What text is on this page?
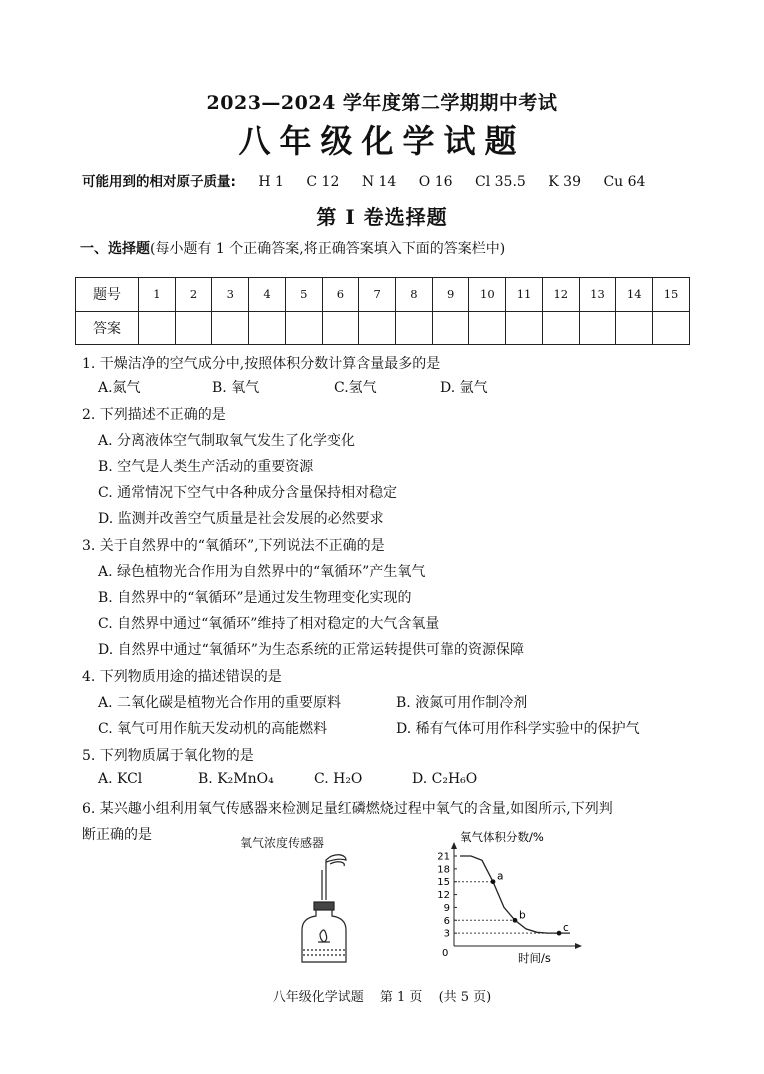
2023—2024 学年度第二学期期中考试
八年级化学试题
可能用到的相对原子质量: H 1 C 12 N 14 O 16 Cl 35.5 K 39 Cu 64
第 I 卷选择题
一、选择题(每小题有 1 个正确答案,将正确答案填入下面的答案栏中)
题号	1	2	3	4	5	6	7	8	9	10	11	12	13	14	15
答案															
1. 干燥洁净的空气成分中,按照体积分数计算含量最多的是
A.氮气	B. 氧气	C.氢气	D. 氩气
2. 下列描述不正确的是
A. 分离液体空气制取氧气发生了化学变化
B. 空气是人类生产活动的重要资源
C. 通常情况下空气中各种成分含量保持相对稳定
D. 监测并改善空气质量是社会发展的必然要求
3. 关于自然界中的“氧循环”,下列说法不正确的是
A. 绿色植物光合作用为自然界中的“氧循环”产生氧气
B. 自然界中的“氧循环”是通过发生物理变化实现的
C. 自然界中通过“氧循环”维持了相对稳定的大气含氧量
D. 自然界中通过“氧循环”为生态系统的正常运转提供可靠的资源保障
4. 下列物质用途的描述错误的是
A. 二氧化碳是植物光合作用的重要原料	B. 液氮可用作制冷剂
C. 氧气可用作航天发动机的高能燃料	D. 稀有气体可用作科学实验中的保护气
5. 下列物质属于氧化物的是
A. KCl	B. K₂MnO₄	C. H₂O	D. C₂H₆O
6. 某兴趣小组利用氧气传感器来检测足量红磷燃烧过程中氧气的含量,如图所示,下列判
断正确的是	氧气浓度传感器	氧气体积分数/%
时间/s
0
3
6
9
12
15
18
21
a
b
c
八年级化学试题 第 1 页 (共 5 页)
